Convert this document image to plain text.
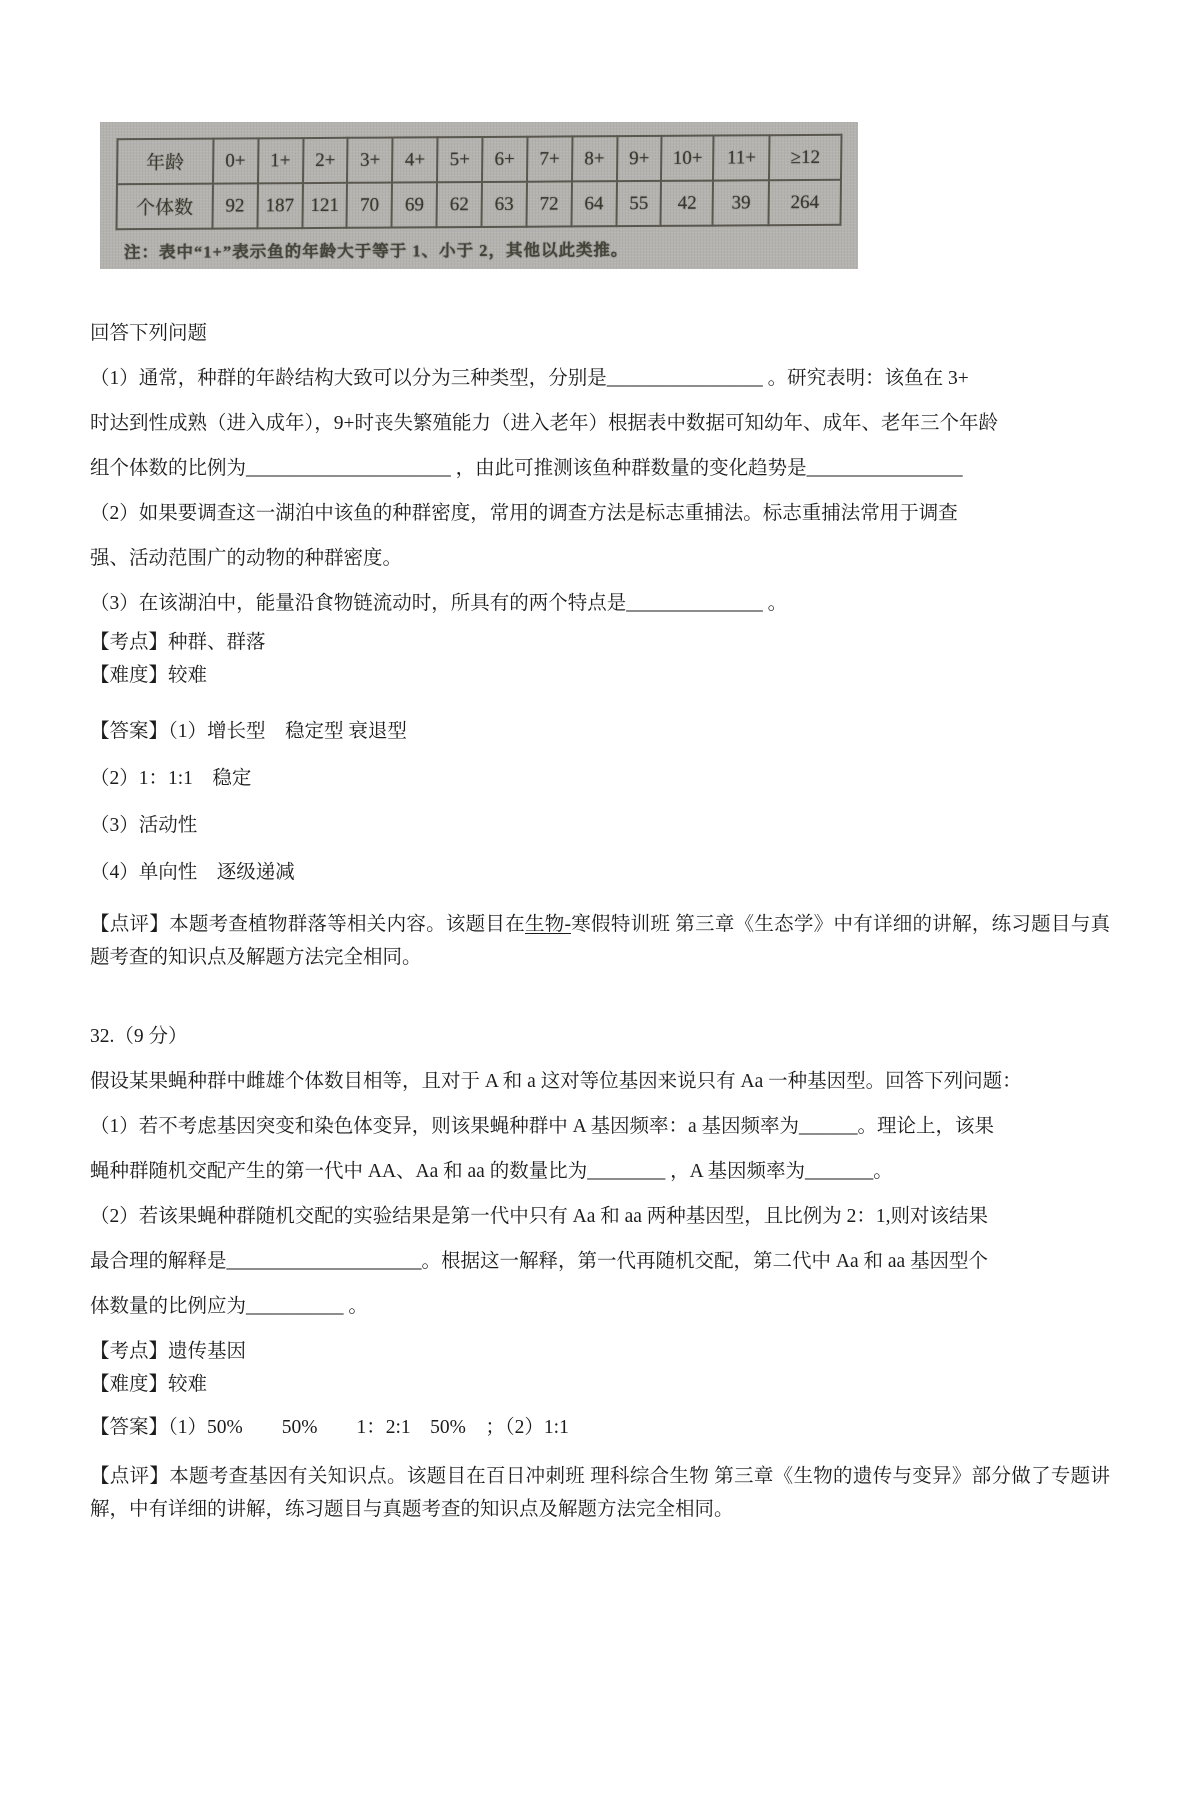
年龄	0+	1+	2+	3+	4+	5+	6+	7+	8+	9+	10+	11+	≥12
个体数	92	187	121	70	69	62	63	72	64	55	42	39	264
注：表中“1+”表示鱼的年龄大于等于 1、小于 2，其他以此类推。
回答下列问题
（1）通常，种群的年龄结构大致可以分为三种类型，分别是________________ 。研究表明：该鱼在 3+
时达到性成熟（进入成年），9+时丧失繁殖能力（进入老年）根据表中数据可知幼年、成年、老年三个年龄
组个体数的比例为_____________________ ，由此可推测该鱼种群数量的变化趋势是________________
（2）如果要调查这一湖泊中该鱼的种群密度，常用的调查方法是标志重捕法。标志重捕法常用于调查
强、活动范围广的动物的种群密度。
（3）在该湖泊中，能量沿食物链流动时，所具有的两个特点是______________ 。
【考点】种群、群落
【难度】较难
【答案】（1）增长型　稳定型 衰退型
（2）1：1:1　稳定
（3）活动性
（4）单向性　逐级递减
【点评】本题考查植物群落等相关内容。该题目在生物-寒假特训班 第三章《生态学》中有详细的讲解，练习题目与真题考查的知识点及解题方法完全相同。
32.（9 分）
假设某果蝇种群中雌雄个体数目相等，且对于 A 和 a 这对等位基因来说只有 Aa 一种基因型。回答下列问题：
（1）若不考虑基因突变和染色体变异，则该果蝇种群中 A 基因频率：a 基因频率为______。理论上，该果
蝇种群随机交配产生的第一代中 AA、Aa 和 aa 的数量比为________ ，A 基因频率为_______。
（2）若该果蝇种群随机交配的实验结果是第一代中只有 Aa 和 aa 两种基因型，且比例为 2：1,则对该结果
最合理的解释是____________________。根据这一解释，第一代再随机交配，第二代中 Aa 和 aa 基因型个
体数量的比例应为__________ 。
【考点】遗传基因
【难度】较难
【答案】（1）50%　　50%　　1：2:1　50%　；（2）1:1
【点评】本题考查基因有关知识点。该题目在百日冲刺班 理科综合生物 第三章《生物的遗传与变异》部分做了专题讲解，中有详细的讲解，练习题目与真题考查的知识点及解题方法完全相同。
